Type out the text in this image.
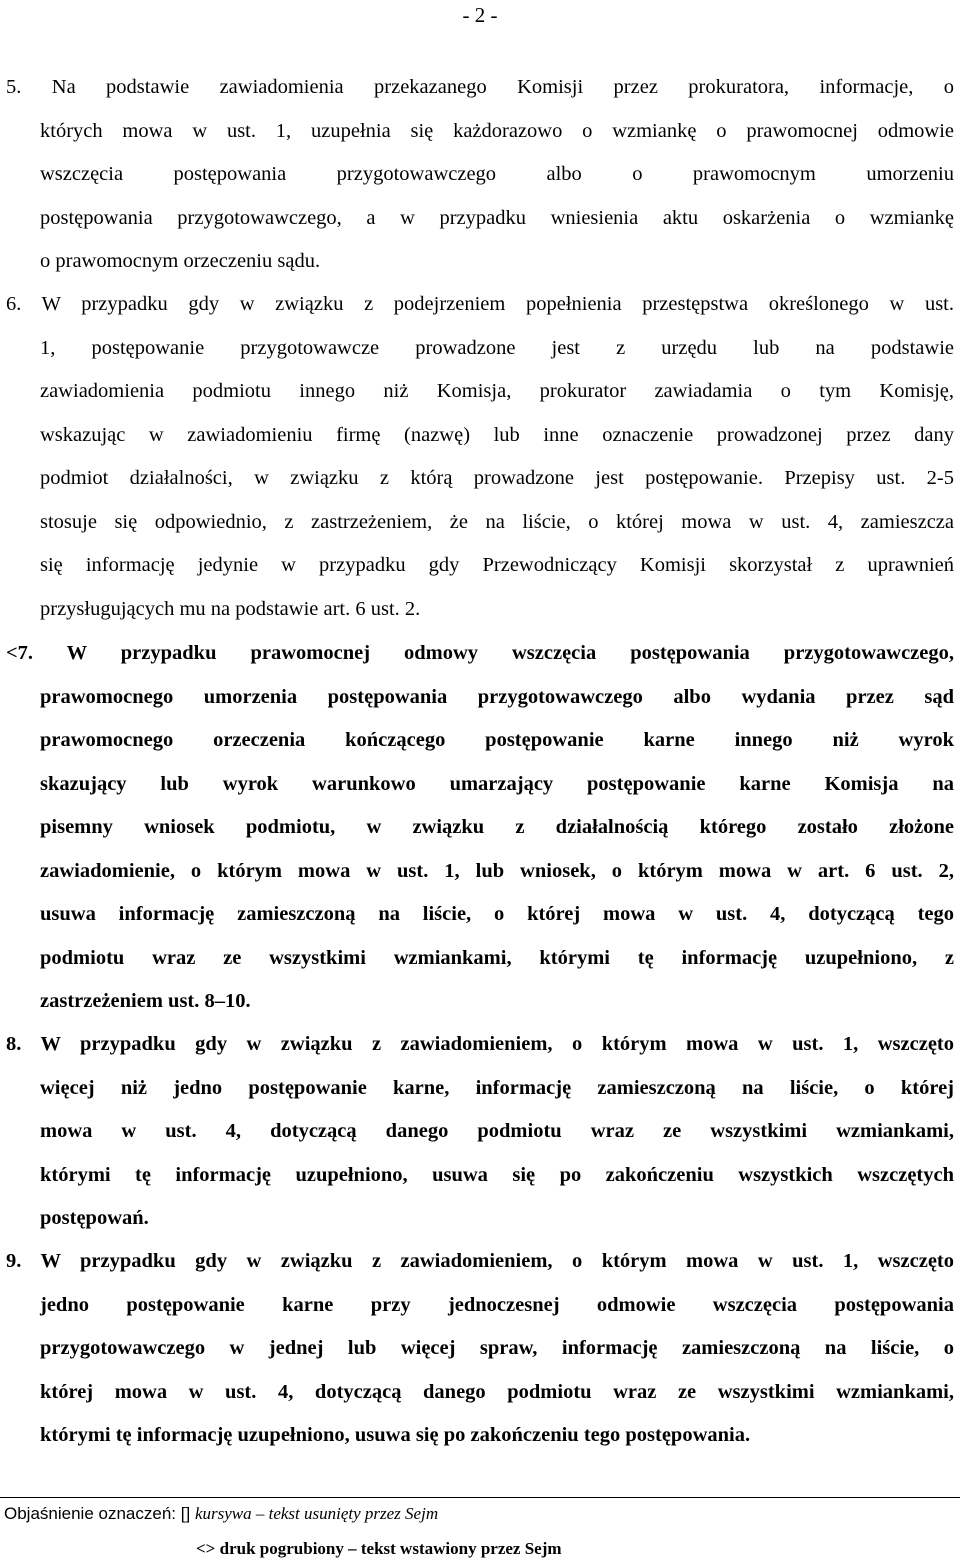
- 2 -
5. Na podstawie zawiadomienia przekazanego Komisji przez prokuratora, informacje, o
których mowa w ust. 1, uzupełnia się każdorazowo o wzmiankę o prawomocnej odmowie
wszczęcia postępowania przygotowawczego albo o prawomocnym umorzeniu
postępowania przygotowawczego, a w przypadku wniesienia aktu oskarżenia o wzmiankę
o prawomocnym orzeczeniu sądu.
6. W przypadku gdy w związku z podejrzeniem popełnienia przestępstwa określonego w ust.
1, postępowanie przygotowawcze prowadzone jest z urzędu lub na podstawie
zawiadomienia podmiotu innego niż Komisja, prokurator zawiadamia o tym Komisję,
wskazując w zawiadomieniu firmę (nazwę) lub inne oznaczenie prowadzonej przez dany
podmiot działalności, w związku z którą prowadzone jest postępowanie. Przepisy ust. 2-5
stosuje się odpowiednio, z zastrzeżeniem, że na liście, o której mowa w ust. 4, zamieszcza
się informację jedynie w przypadku gdy Przewodniczący Komisji skorzystał z uprawnień
przysługujących mu na podstawie art. 6 ust. 2.
<7. W przypadku prawomocnej odmowy wszczęcia postępowania przygotowawczego,
prawomocnego umorzenia postępowania przygotowawczego albo wydania przez sąd
prawomocnego orzeczenia kończącego postępowanie karne innego niż wyrok
skazujący lub wyrok warunkowo umarzający postępowanie karne Komisja na
pisemny wniosek podmiotu, w związku z działalnością którego zostało złożone
zawiadomienie, o którym mowa w ust. 1, lub wniosek, o którym mowa w art. 6 ust. 2,
usuwa informację zamieszczoną na liście, o której mowa w ust. 4, dotyczącą tego
podmiotu wraz ze wszystkimi wzmiankami, którymi tę informację uzupełniono, z
zastrzeżeniem ust. 8–10.
8. W przypadku gdy w związku z zawiadomieniem, o którym mowa w ust. 1, wszczęto
więcej niż jedno postępowanie karne, informację zamieszczoną na liście, o której
mowa w ust. 4, dotyczącą danego podmiotu wraz ze wszystkimi wzmiankami,
którymi tę informację uzupełniono, usuwa się po zakończeniu wszystkich wszczętych
postępowań.
9. W przypadku gdy w związku z zawiadomieniem, o którym mowa w ust. 1, wszczęto
jedno postępowanie karne przy jednoczesnej odmowie wszczęcia postępowania
przygotowawczego w jednej lub więcej spraw, informację zamieszczoną na liście, o
której mowa w ust. 4, dotyczącą danego podmiotu wraz ze wszystkimi wzmiankami,
którymi tę informację uzupełniono, usuwa się po zakończeniu tego postępowania.
Objaśnienie oznaczeń: [] kursywa – tekst usunięty przez Sejm
<> druk pogrubiony – tekst wstawiony przez Sejm
